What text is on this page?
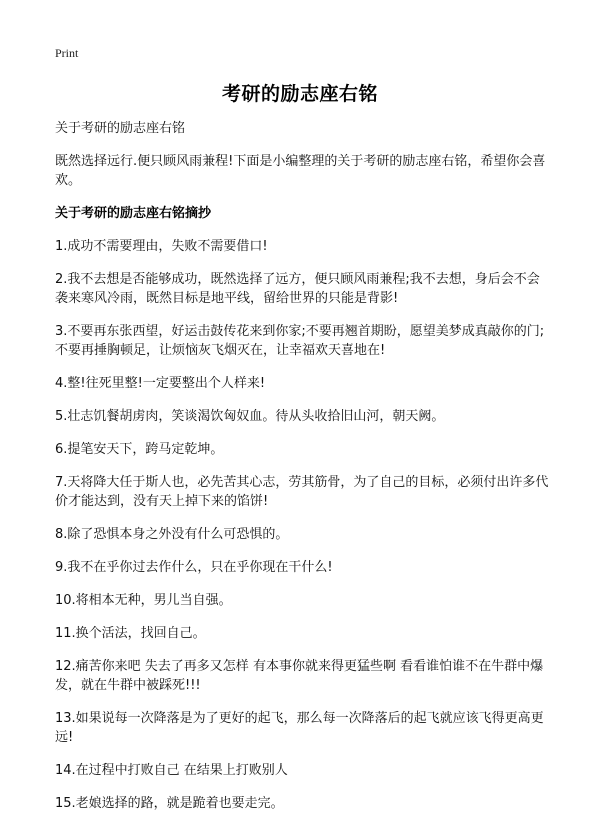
Print
考研的励志座右铭

关于考研的励志座右铭

既然选择远行.便只顾风雨兼程!下面是小编整理的关于考研的励志座右铭，希望你会喜欢。

关于考研的励志座右铭摘抄

1.成功不需要理由，失败不需要借口!

2.我不去想是否能够成功，既然选择了远方，便只顾风雨兼程;我不去想，身后会不会袭来寒风冷雨，既然目标是地平线，留给世界的只能是背影!

3.不要再东张西望，好运击鼓传花来到你家;不要再翘首期盼，愿望美梦成真敲你的门;不要再捶胸顿足，让烦恼灰飞烟灭在，让幸福欢天喜地在!

4.整!往死里整!一定要整出个人样来!

5.壮志饥餐胡虏肉，笑谈渴饮匈奴血。待从头收拾旧山河，朝天阙。

6.提笔安天下，跨马定乾坤。

7.天将降大任于斯人也，必先苦其心志，劳其筋骨，为了自己的目标，必须付出许多代价才能达到，没有天上掉下来的馅饼!

8.除了恐惧本身之外没有什么可恐惧的。

9.我不在乎你过去作什么，只在乎你现在干什么!

10.将相本无种，男儿当自强。

11.换个活法，找回自己。

12.痛苦你来吧 失去了再多又怎样 有本事你就来得更猛些啊 看看谁怕谁不在牛群中爆发，就在牛群中被踩死!!!

13.如果说每一次降落是为了更好的起飞，那么每一次降落后的起飞就应该飞得更高更远!

14.在过程中打败自己 在结果上打败别人

15.老娘选择的路，就是跪着也要走完。
